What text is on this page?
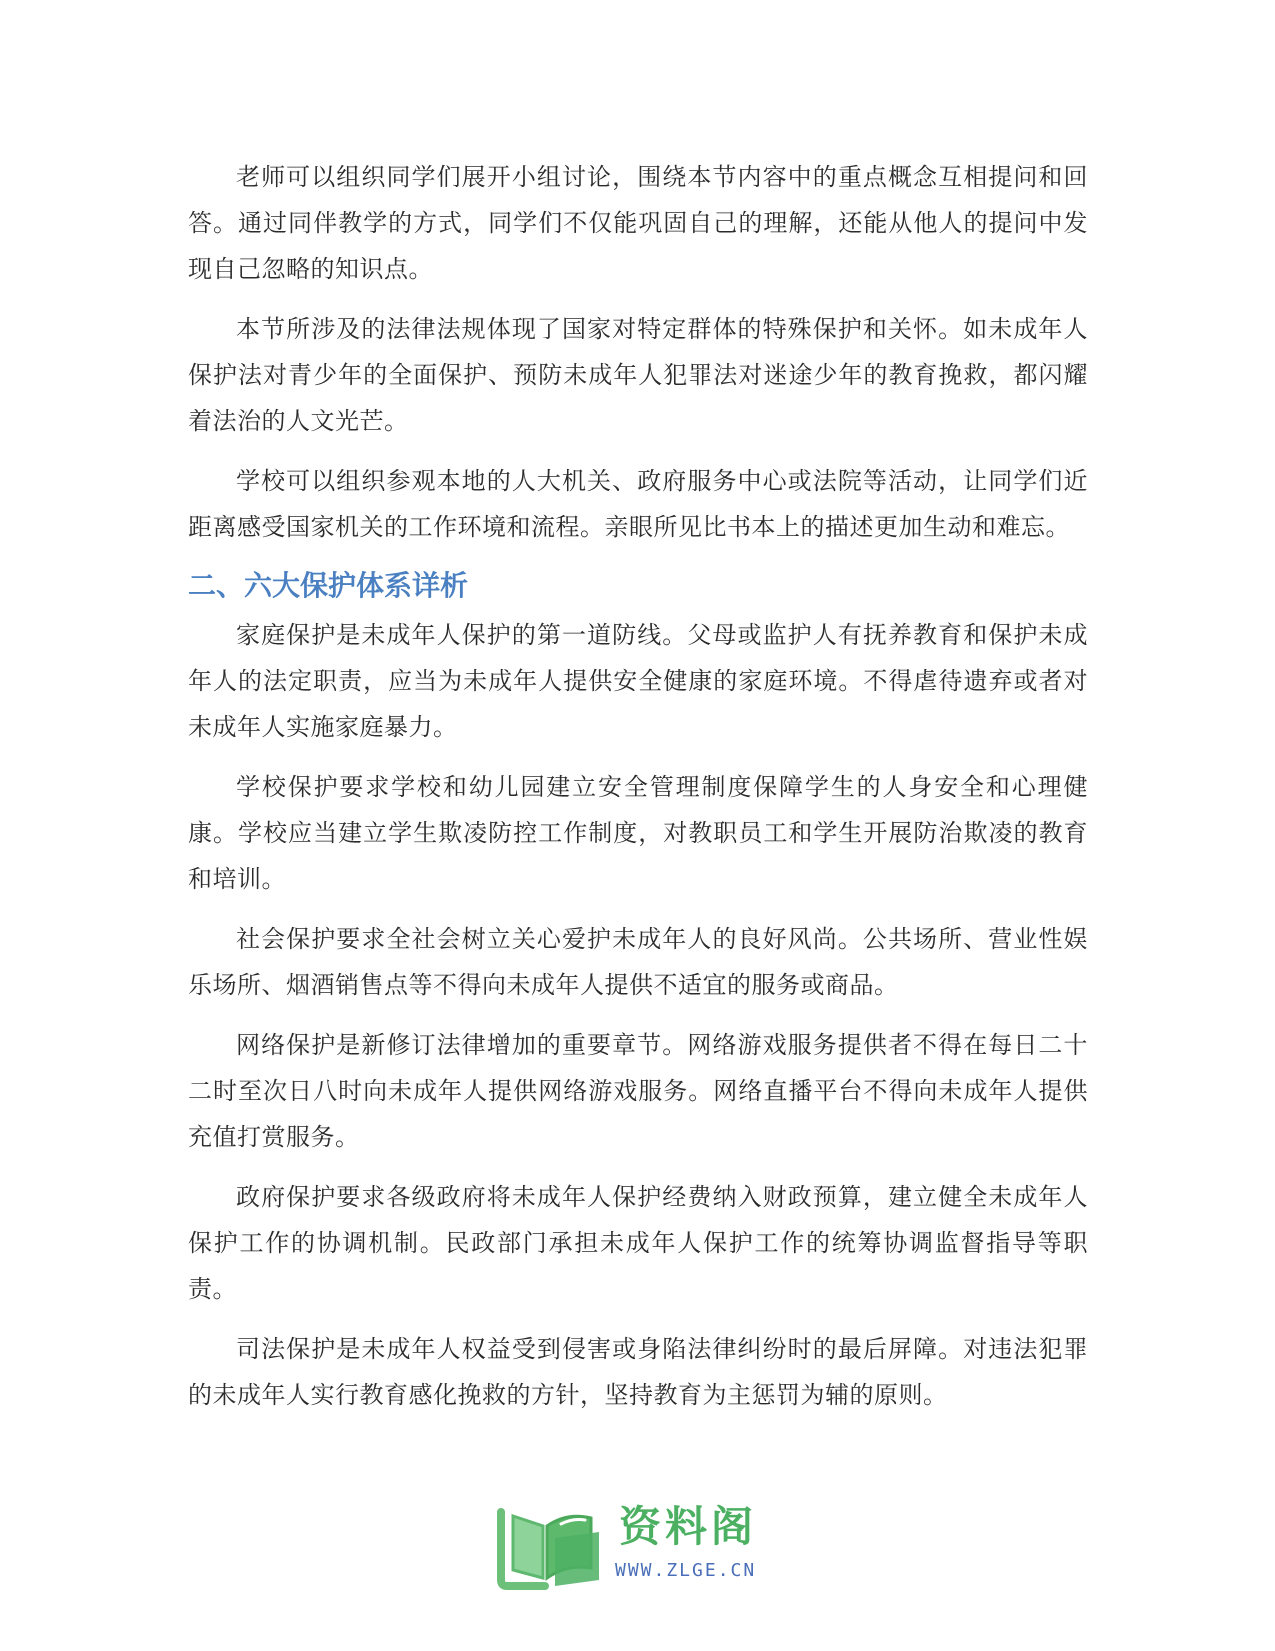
老师可以组织同学们展开小组讨论，围绕本节内容中的重点概念互相提问和回答。通过同伴教学的方式，同学们不仅能巩固自己的理解，还能从他人的提问中发现自己忽略的知识点。

本节所涉及的法律法规体现了国家对特定群体的特殊保护和关怀。如未成年人保护法对青少年的全面保护、预防未成年人犯罪法对迷途少年的教育挽救，都闪耀着法治的人文光芒。

学校可以组织参观本地的人大机关、政府服务中心或法院等活动，让同学们近距离感受国家机关的工作环境和流程。亲眼所见比书本上的描述更加生动和难忘。

二、六大保护体系详析

家庭保护是未成年人保护的第一道防线。父母或监护人有抚养教育和保护未成年人的法定职责，应当为未成年人提供安全健康的家庭环境。不得虐待遗弃或者对未成年人实施家庭暴力。

学校保护要求学校和幼儿园建立安全管理制度保障学生的人身安全和心理健康。学校应当建立学生欺凌防控工作制度，对教职员工和学生开展防治欺凌的教育和培训。

社会保护要求全社会树立关心爱护未成年人的良好风尚。公共场所、营业性娱乐场所、烟酒销售点等不得向未成年人提供不适宜的服务或商品。

网络保护是新修订法律增加的重要章节。网络游戏服务提供者不得在每日二十二时至次日八时向未成年人提供网络游戏服务。网络直播平台不得向未成年人提供充值打赏服务。

政府保护要求各级政府将未成年人保护经费纳入财政预算，建立健全未成年人保护工作的协调机制。民政部门承担未成年人保护工作的统筹协调监督指导等职责。

司法保护是未成年人权益受到侵害或身陷法律纠纷时的最后屏障。对违法犯罪的未成年人实行教育感化挽救的方针，坚持教育为主惩罚为辅的原则。

资料阁
WWW.ZLGE.CN
